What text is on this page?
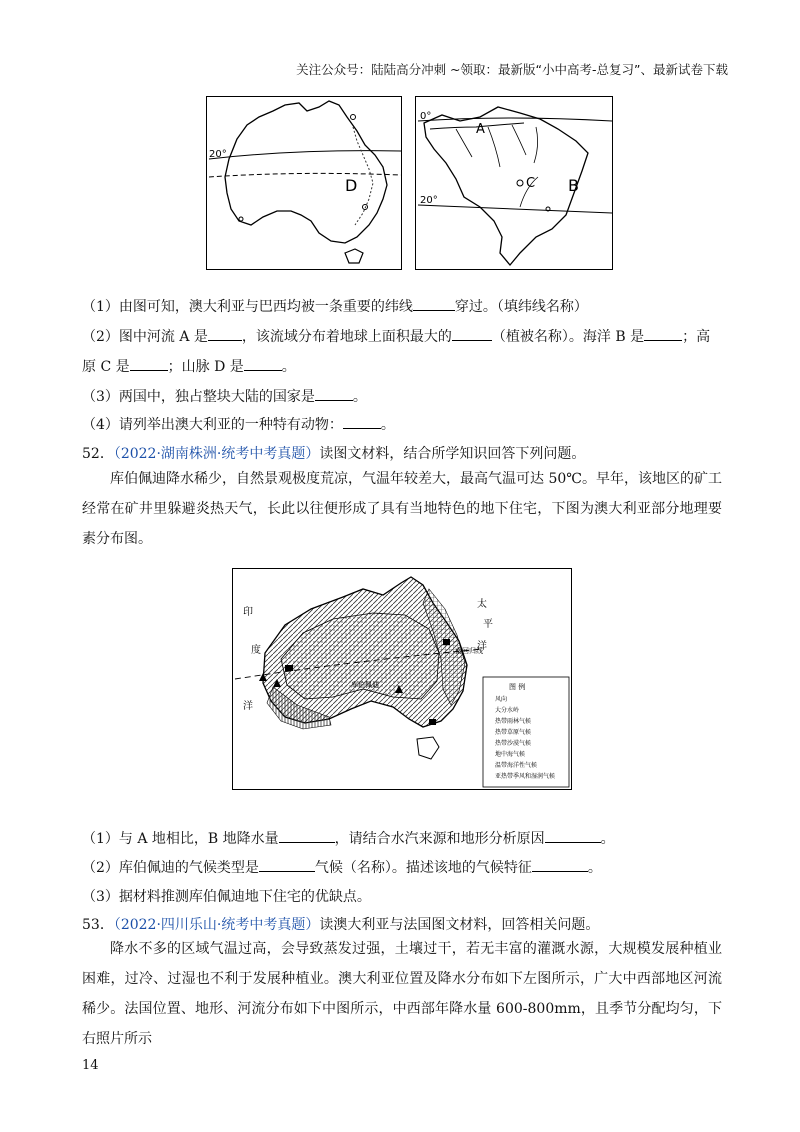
关注公众号：陆陆高分冲刺 ~领取：最新版“小中高考-总复习”、最新试卷下载
20°
D
0°
20°
A
C B
（1）由图可知，澳大利亚与巴西均被一条重要的纬线	穿过。（填纬线名称）
（2）图中河流 A 是 ，该流域分布着地球上面积最大的	（植被名称）。海洋 B 是	；高
原 C 是	；山脉 D 是	。
（3）两国中，独占整块大陆的国家是	。
（4）请列举出澳大利亚的一种特有动物：	。
52．（2022·湖南株洲·统考中考真题）读图文材料，结合所学知识回答下列问题。
库伯佩迪降水稀少，自然景观极度荒凉，气温年较差大，最高气温可达 50℃。早年，该地区的矿工经常在矿井里躲避炎热天气，长此以往便形成了具有当地特色的地下住宅，下图为澳大利亚部分地理要素分布图。
印
度
洋
太
平
洋
库伯佩迪
南回归线
图 例
风向
大分水岭
热带雨林气候
热带草原气候
热带沙漠气候
地中海气候
温带海洋性气候
亚热带季风和湿润气候
（1）与 A 地相比，B 地降水量	，请结合水汽来源和地形分析原因	。
（2）库伯佩迪的气候类型是	气候（名称）。描述该地的气候特征	。
（3）据材料推测库伯佩迪地下住宅的优缺点。
53．（2022·四川乐山·统考中考真题）读澳大利亚与法国图文材料，回答相关问题。
降水不多的区域气温过高，会导致蒸发过强，土壤过干，若无丰富的灌溉水源，大规模发展种植业困难，过冷、过湿也不利于发展种植业。澳大利亚位置及降水分布如下左图所示，广大中西部地区河流稀少。法国位置、地形、河流分布如下中图所示，中西部年降水量 600-800mm，且季节分配均匀，下右照片所示
14
